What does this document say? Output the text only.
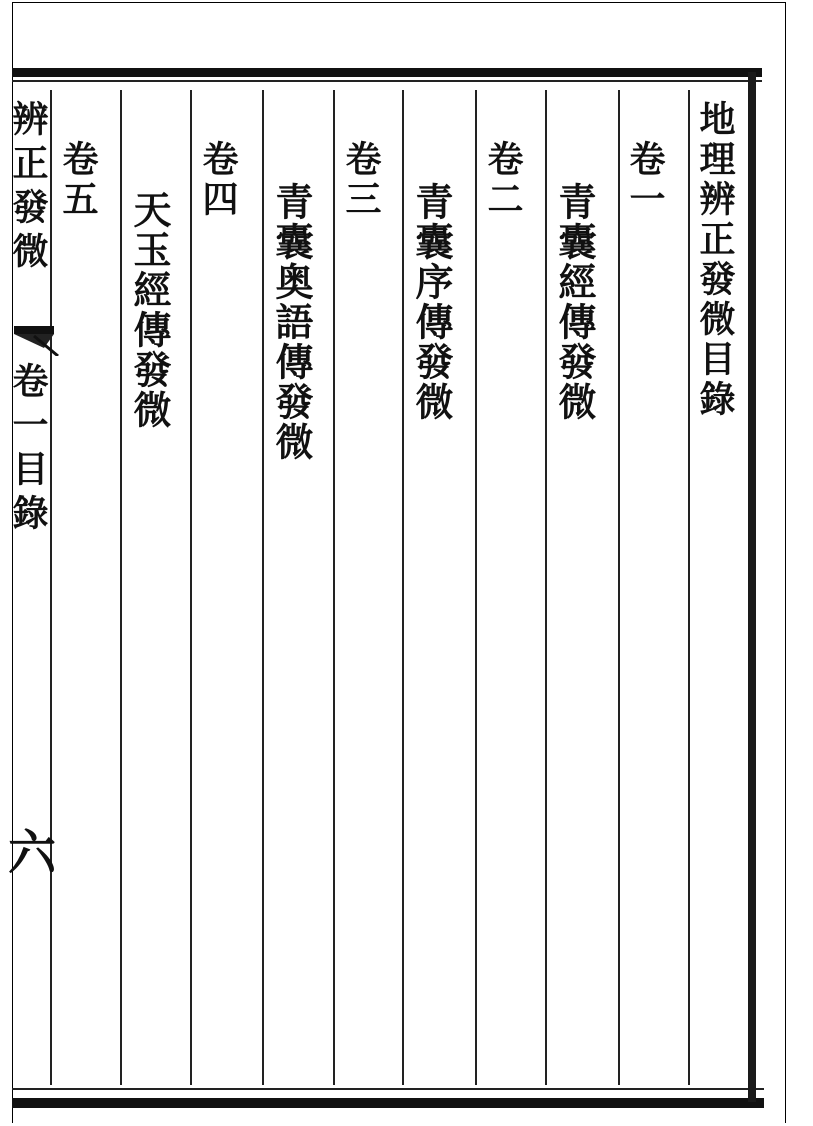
地理辨正發微目錄
卷一
青囊經傳發微
卷二
青囊序傳發微
卷三
青囊奥語傳發微
卷四
天玉經傳發微
卷五
辨正發微
卷一目錄
六
